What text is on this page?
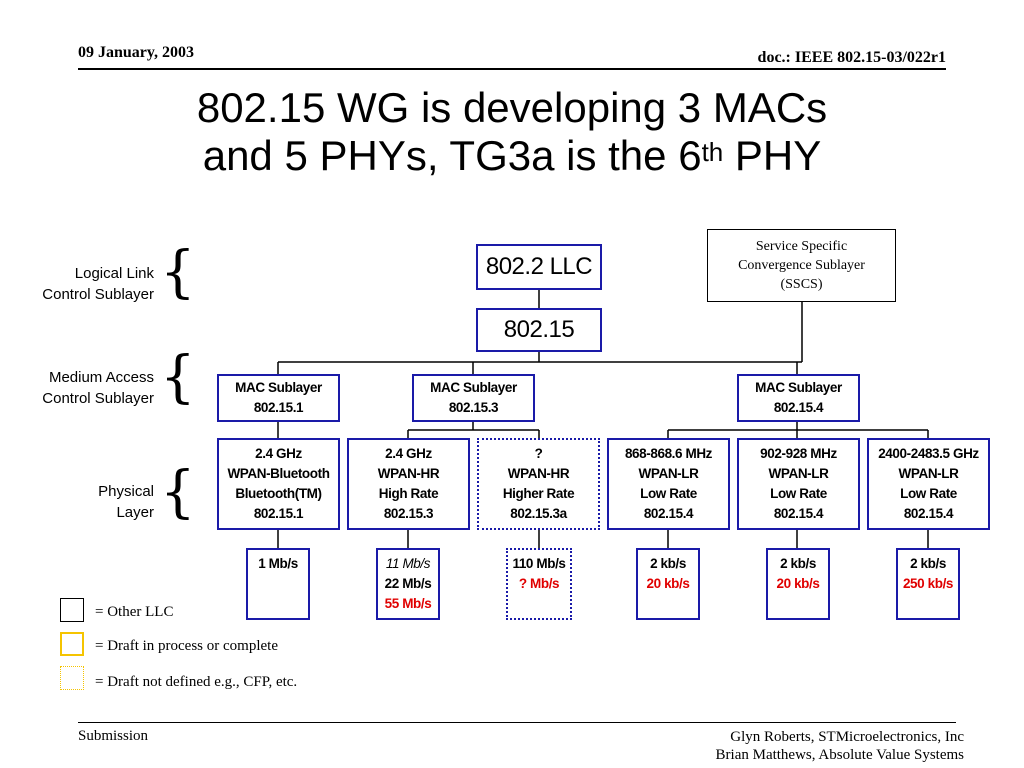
09 January, 2003	doc.: IEEE 802.15-03/022r1
802.15 WG is developing 3 MACs
and 5 PHYs, TG3a is the 6th PHY
Logical Link
Control Sublayer {
Medium Access
Control Sublayer {
Physical
Layer {
802.2 LLC
802.15
Service Specific
Convergence Sublayer
(SSCS)
MAC Sublayer
802.15.1
MAC Sublayer
802.15.3
MAC Sublayer
802.15.4
2.4 GHz
WPAN-Bluetooth
Bluetooth(TM)
802.15.1
2.4 GHz
WPAN-HR
High Rate
802.15.3
?
WPAN-HR
Higher Rate
802.15.3a
868-868.6 MHz
WPAN-LR
Low Rate
802.15.4
902-928 MHz
WPAN-LR
Low Rate
802.15.4
2400-2483.5 GHz
WPAN-LR
Low Rate
802.15.4
1 Mb/s	11 Mb/s
22 Mb/s
55 Mb/s
110 Mb/s
? Mb/s
2 kb/s
20 kb/s
2 kb/s
20 kb/s
2 kb/s
250 kb/s
= Other LLC
= Draft in process or complete
= Draft not defined e.g., CFP, etc.
Submission	Glyn Roberts, STMicroelectronics, Inc
Brian Matthews, Absolute Value Systems
